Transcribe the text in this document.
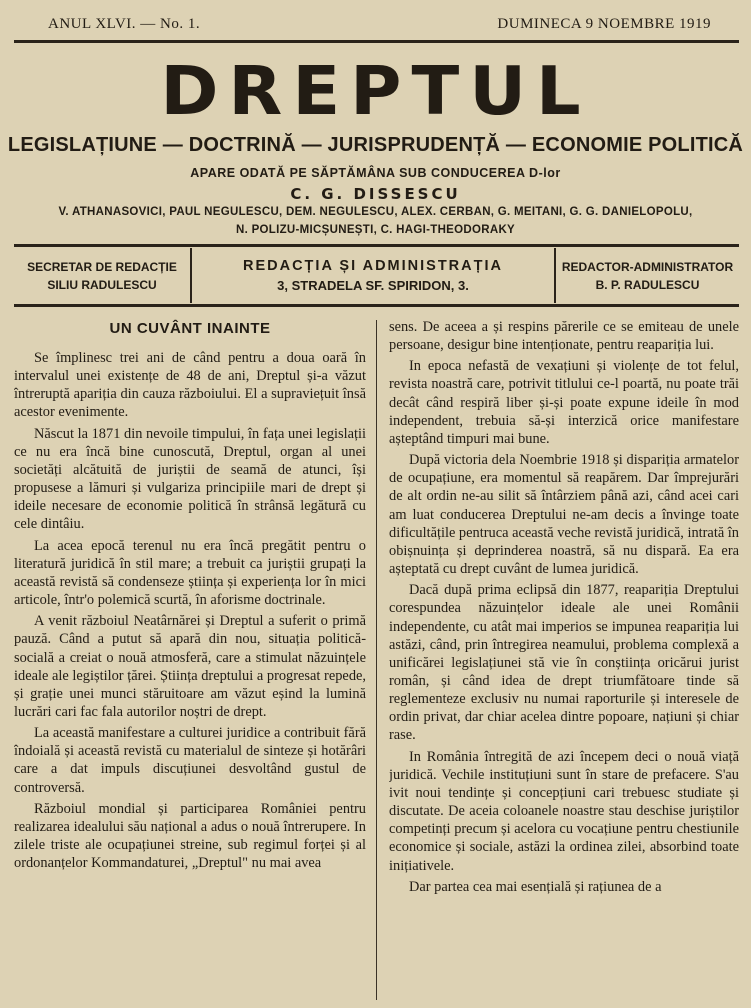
ANUL XLVI. — No. 1.	DUMINECA 9 NOEMBRE 1919
DREPTUL
LEGISLAȚIUNE — DOCTRINĂ — JURISPRUDENȚĂ — ECONOMIE POLITICĂ
APARE ODATĂ PE SĂPTĂMÂNA SUB CONDUCEREA D-lor
C. G. DISSESCU
V. ATHANASOVICI, PAUL NEGULESCU, DEM. NEGULESCU, ALEX. CERBAN, G. MEITANI, G. G. DANIELOPOLU,
N. POLIZU-MICȘUNEȘTI, C. HAGI-THEODORAKY
SECRETAR DE REDACȚIE
SILIU RADULESCU
REDACȚIA ȘI ADMINISTRAȚIA
3, STRADELA SF. SPIRIDON, 3.
REDACTOR-ADMINISTRATOR
B. P. RADULESCU
UN CUVÂNT INAINTE

Se împlinesc trei ani de când pentru a doua oară în intervalul unei existențe de 48 de ani, Dreptul și-a văzut întreruptă apariția din cauza războiului. El a supraviețuit însă acestor evenimente.

Născut la 1871 din nevoile timpului, în fața unei legislații ce nu era încă bine cunoscută, Dreptul, organ al unei societăți alcătuită de juriștii de seamă de atunci, își propusese a lămuri și vulgariza principiile mari de drept și ideile necesare de economie politică în strânsă legătură cu cele dintâiu.

La acea epocă terenul nu era încă pregătit pentru o literatură juridică în stil mare; a trebuit ca juriștii grupați la această revistă să condenseze știința și experiența lor în mici articole, într'o polemică scurtă, în aforisme doctrinale.

A venit războiul Neatârnărei și Dreptul a suferit o primă pauză. Când a putut să apară din nou, situația politică-socială a creiat o nouă atmosferă, care a stimulat năzuințele ideale ale legiștilor țărei. Știința dreptului a progresat repede, și grație unei munci stăruitoare am văzut eșind la lumină lucrări cari fac fala autorilor noștri de drept.

La această manifestare a culturei juridice a contribuit fără îndoială și această revistă cu materialul de sinteze și hotărâri care a dat impuls discuțiunei desvoltând gustul de controversă.

Războiul mondial și participarea României pentru realizarea idealului său național a adus o nouă întrerupere. In zilele triste ale ocupațiunei streine, sub regimul forței și al ordonanțelor Kommandaturei, „Dreptul" nu mai avea

sens. De aceea a și respins părerile ce se emiteau de unele persoane, desigur bine intenționate, pentru reapariția lui.

In epoca nefastă de vexațiuni și violențe de tot felul, revista noastră care, potrivit titlului ce-l poartă, nu poate trăi decât când respiră liber și-și poate expune ideile în mod independent, trebuia să-și interzică orice manifestare așteptând timpuri mai bune.

După victoria dela Noembrie 1918 și dispariția armatelor de ocupațiune, era momentul să reapărem. Dar împrejurări de alt ordin ne-au silit să întârziem până azi, când acei cari am luat conducerea Dreptului ne-am decis a învinge toate dificultățile pentruca această veche revistă juridică, intrată în obișnuința și deprinderea noastră, să nu dispară. Ea era așteptată cu drept cuvânt de lumea juridică.

Dacă după prima eclipsă din 1877, reapariția Dreptului corespundea năzuințelor ideale ale unei Românii independente, cu atât mai imperios se impunea reapariția lui astăzi, când, prin întregirea neamului, problema complexă a unificărei legislațiunei stă vie în conștiința oricărui jurist român, și când idea de drept triumfătoare tinde să reglementeze exclusiv nu numai raporturile și interesele de ordin privat, dar chiar acelea dintre popoare, națiuni și chiar rase.

In România întregită de azi începem deci o nouă viață juridică. Vechile instituțiuni sunt în stare de prefacere. S'au ivit noui tendințe și concepțiuni cari trebuesc studiate și discutate. De aceia coloanele noastre stau deschise juriștilor competinți precum și acelora cu vocațiune pentru chestiunile economice și sociale, astăzi la ordinea zilei, absorbind toate inițiativele.

Dar partea cea mai esențială și rațiunea de a
